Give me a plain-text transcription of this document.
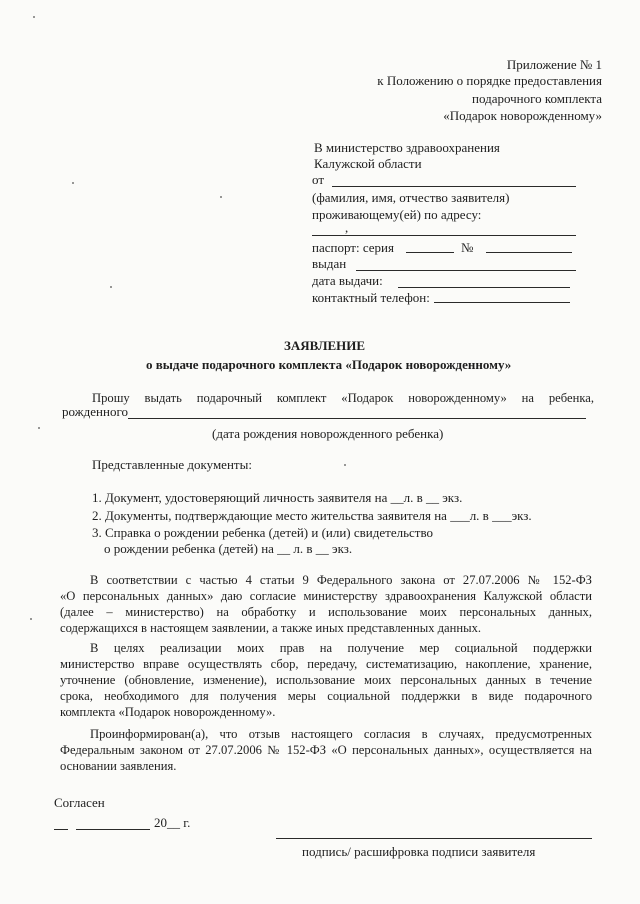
Приложение № 1
к Положению о порядке предоставления
подарочного комплекта
«Подарок новорожденному»
В министерство здравоохранения
Калужской области
от
(фамилия, имя, отчество заявителя)
проживающему(ей) по адресу:
,
паспорт: серия	№
выдан
дата выдачи:
контактный телефон:
ЗАЯВЛЕНИЕ
о выдаче подарочного комплекта «Подарок новорожденному»
Прошу выдать подарочный комплект «Подарок новорожденному» на ребенка,
рожденного
(дата рождения новорожденного ребенка)
Представленные документы:
1. Документ, удостоверяющий личность заявителя на __л. в __ экз.
2. Документы, подтверждающие место жительства заявителя на ___л. в ___экз.
3. Справка о рождении ребенка (детей) и (или) свидетельство
о рождении ребенка (детей) на __ л. в __ экз.
В соответствии с частью 4 статьи 9 Федерального закона от 27.07.2006 № 152-ФЗ
«О персональных данных» даю согласие министерству здравоохранения Калужской области
(далее – министерство) на обработку и использование моих персональных данных,
содержащихся в настоящем заявлении, а также иных представленных данных.
В целях реализации моих прав на получение мер социальной поддержки
министерство вправе осуществлять сбор, передачу, систематизацию, накопление, хранение,
уточнение (обновление, изменение), использование моих персональных данных в течение
срока, необходимого для получения меры социальной поддержки в виде подарочного
комплекта «Подарок новорожденному».
Проинформирован(а), что отзыв настоящего согласия в случаях, предусмотренных
Федеральным законом от 27.07.2006 № 152-ФЗ «О персональных данных», осуществляется на
основании заявления.
Согласен
20__ г.
подпись/ расшифровка подписи заявителя
